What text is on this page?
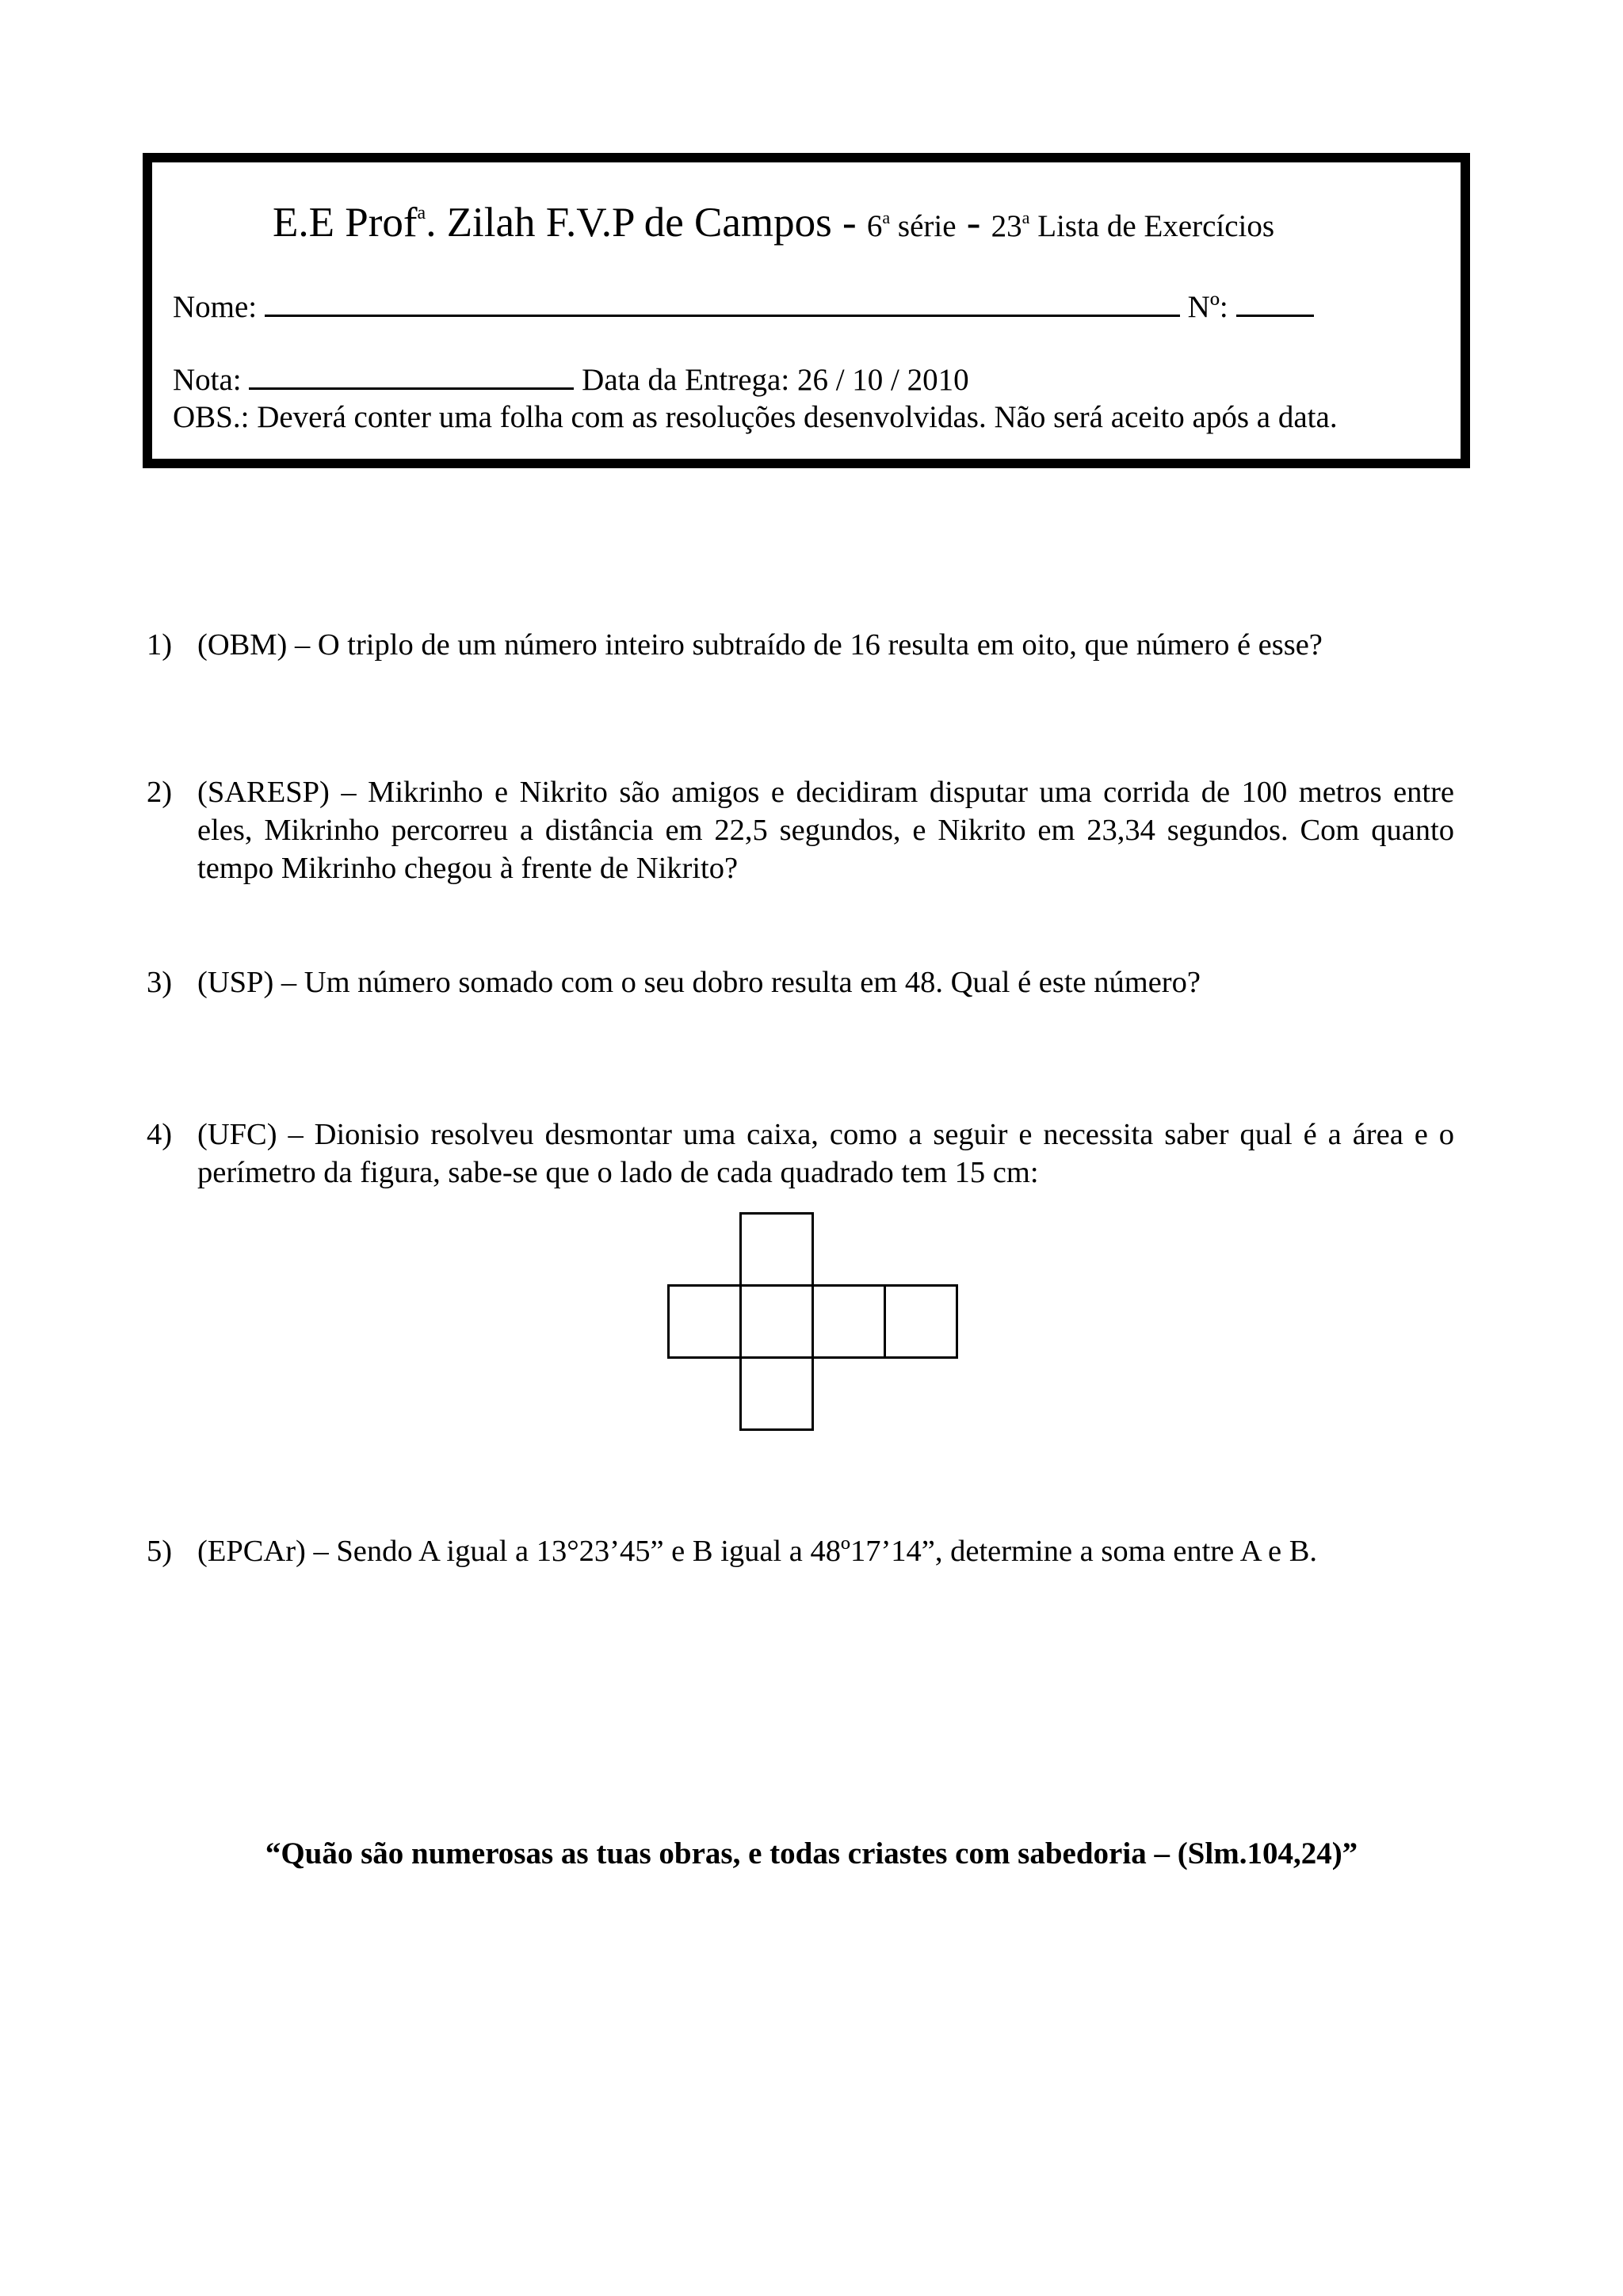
E.E Prof$^a$. Zilah F.V.P de Campos - 6$^a$ série - 23$^a$ Lista de Exercícios
Nome:	Nº:
Nota:	Data da Entrega: 26 / 10 / 2010
OBS.: Deverá conter uma folha com as resoluções desenvolvidas. Não será aceito após a data.
1) (OBM) – O triplo de um número inteiro subtraído de 16 resulta em oito, que número é esse?
2) (SARESP) – Mikrinho e Nikrito são amigos e decidiram disputar uma corrida de 100 metros entre eles, Mikrinho percorreu a distância em 22,5 segundos, e Nikrito em 23,34 segundos. Com quanto tempo Mikrinho chegou à frente de Nikrito?
3) (USP) – Um número somado com o seu dobro resulta em 48. Qual é este número?
4) (UFC) – Dionisio resolveu desmontar uma caixa, como a seguir e necessita saber qual é a área e o perímetro da figura, sabe-se que o lado de cada quadrado tem 15 cm:
5) (EPCAr) – Sendo A igual a 13°23’45” e B igual a 48º17’14”, determine a soma entre A e B.
“Quão são numerosas as tuas obras, e todas criastes com sabedoria – (Slm.104,24)”
